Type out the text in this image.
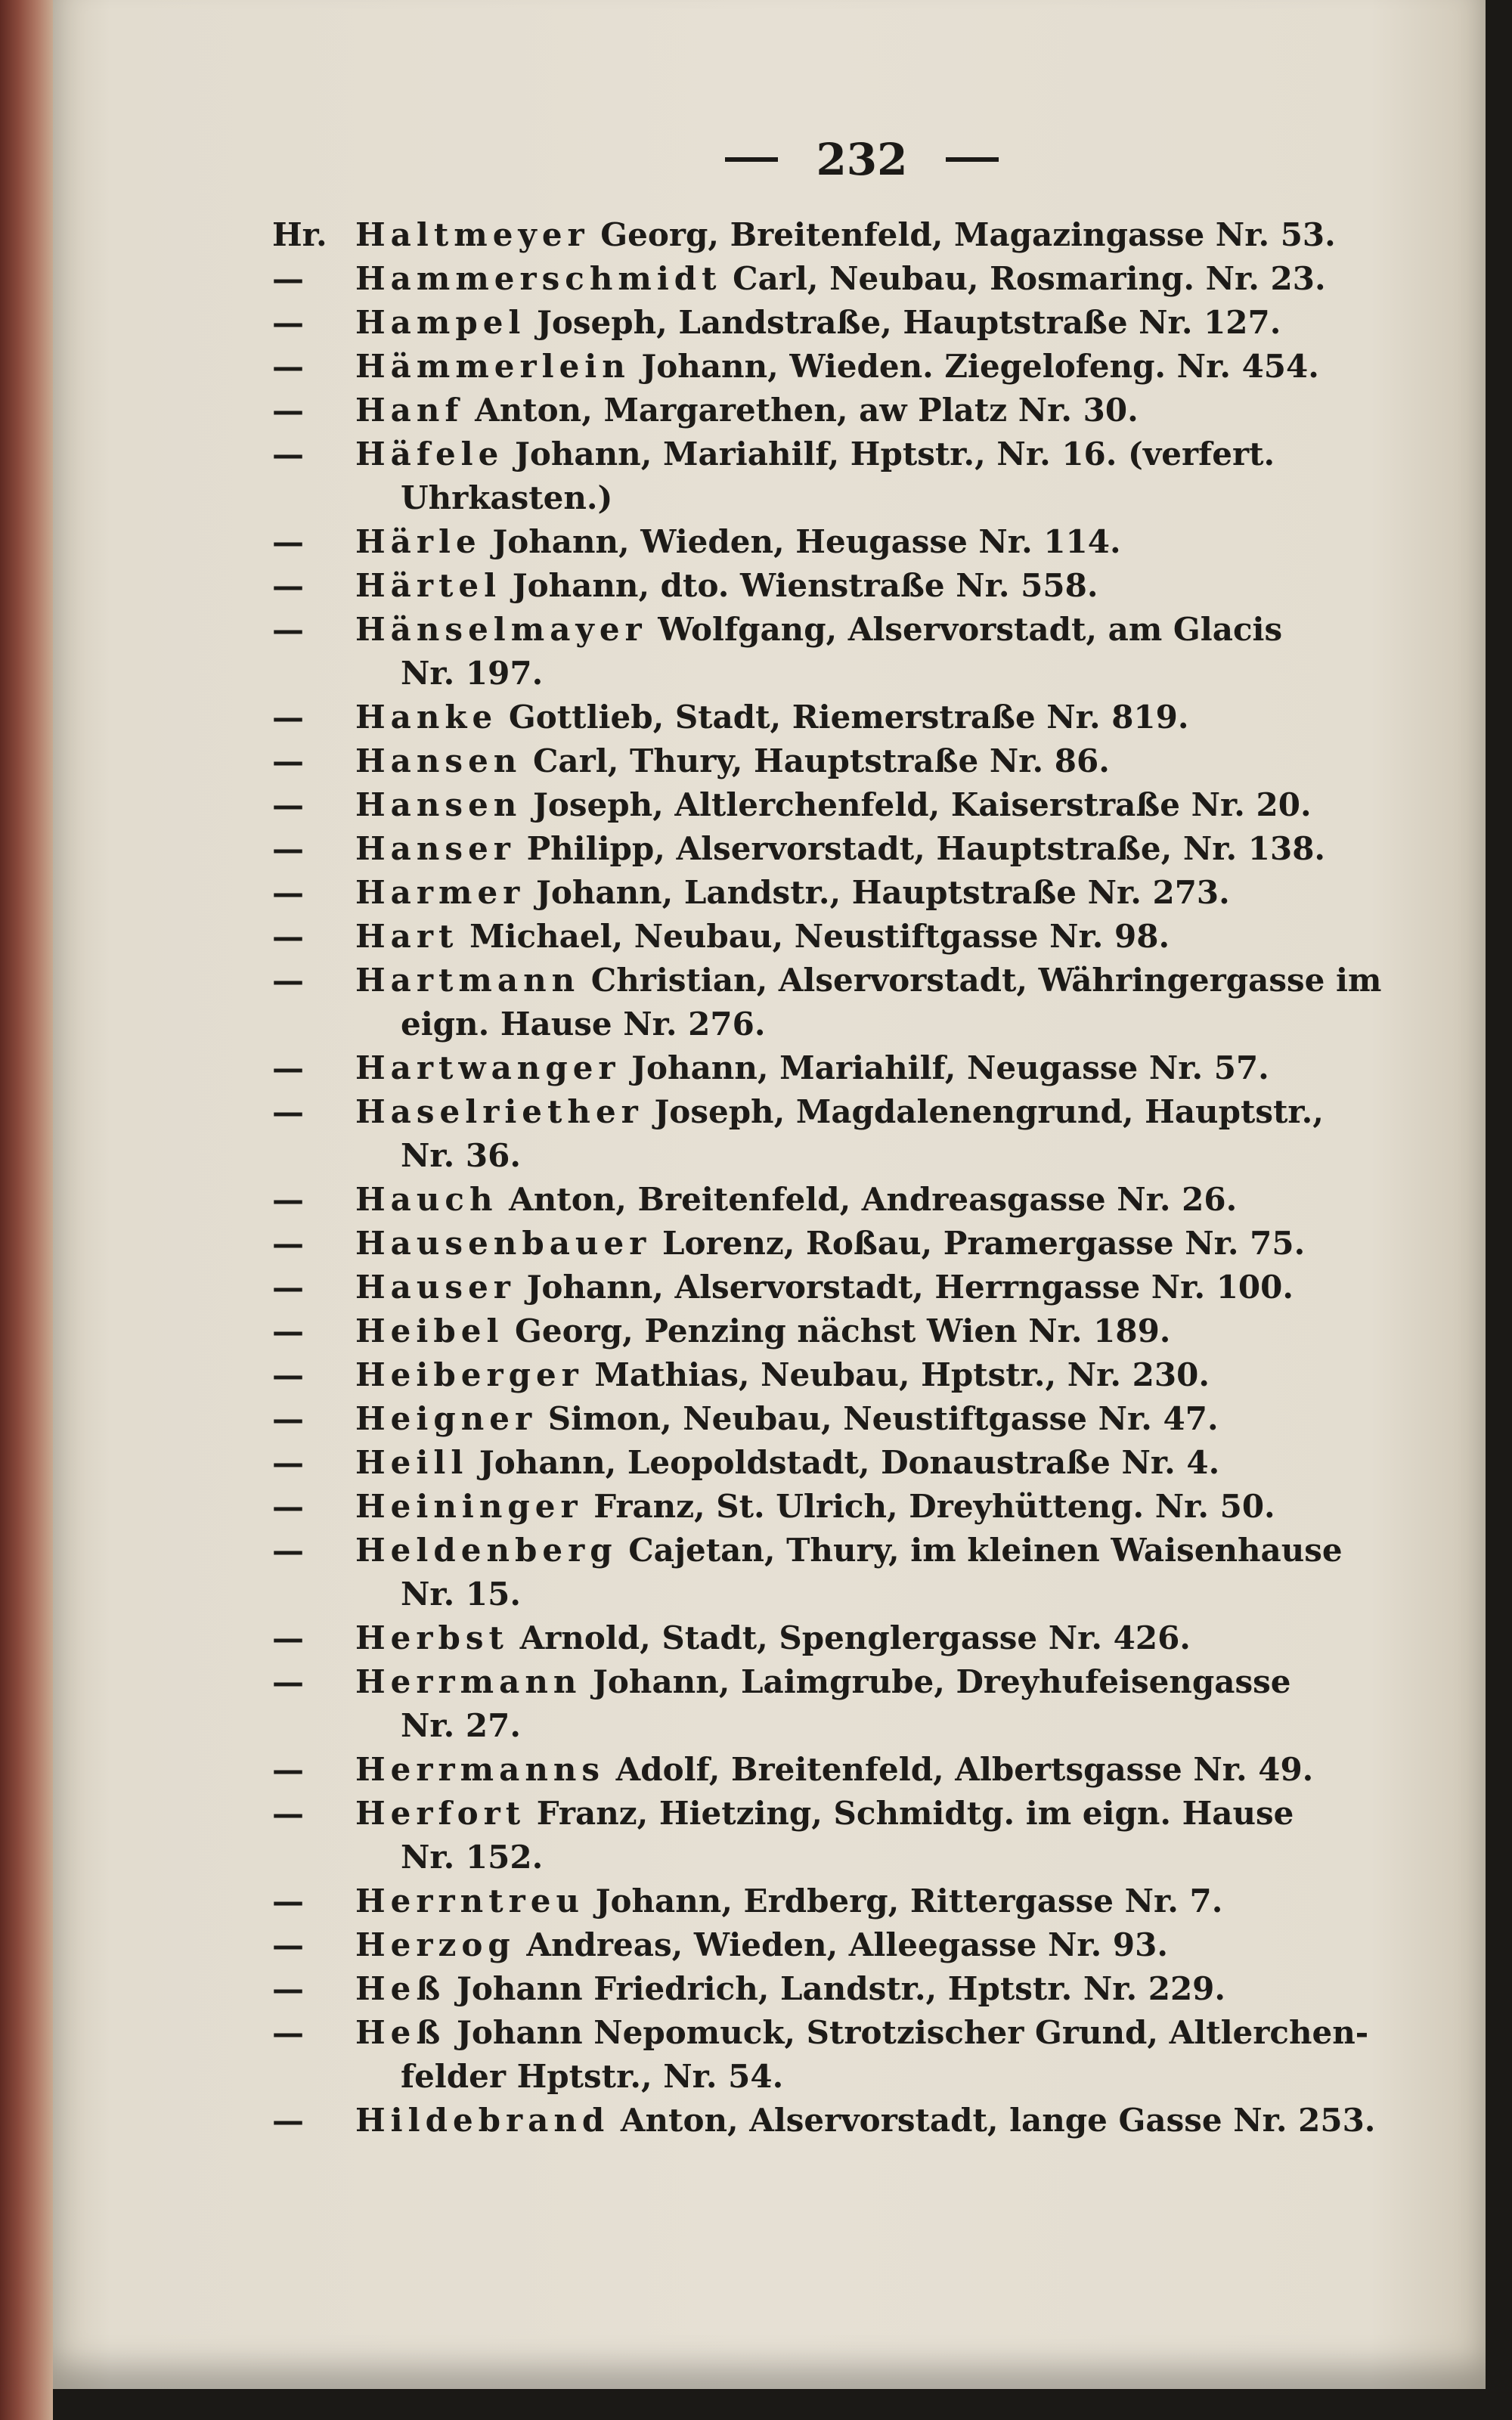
232
Hr. Haltmeyer Georg, Breitenfeld, Magazingasse Nr. 53.
—	Hammerschmidt Carl, Neubau, Rosmaring. Nr. 23.
—	Hampel Joseph, Landstraße, Hauptstraße Nr. 127.
—	Hämmerlein Johann, Wieden. Ziegelofeng. Nr. 454.
—	Hanf Anton, Margarethen, aw Platz Nr. 30.
—	Häfele Johann, Mariahilf, Hptstr., Nr. 16. (verfert.
Uhrkasten.)
—	Härle Johann, Wieden, Heugasse Nr. 114.
—	Härtel Johann, dto. Wienstraße Nr. 558.
—	Hänselmayer Wolfgang, Alservorstadt, am Glacis
Nr. 197.
—	Hanke Gottlieb, Stadt, Riemerstraße Nr. 819.
—	Hansen Carl, Thury, Hauptstraße Nr. 86.
—	Hansen Joseph, Altlerchenfeld, Kaiserstraße Nr. 20.
—	Hanser Philipp, Alservorstadt, Hauptstraße, Nr. 138.
—	Harmer Johann, Landstr., Hauptstraße Nr. 273.
—	Hart Michael, Neubau, Neustiftgasse Nr. 98.
—	Hartmann Christian, Alservorstadt, Währingergasse im
eign. Hause Nr. 276.
—	Hartwanger Johann, Mariahilf, Neugasse Nr. 57.
—	Haselriether Joseph, Magdalenengrund, Hauptstr.,
Nr. 36.
—	Hauch Anton, Breitenfeld, Andreasgasse Nr. 26.
—	Hausenbauer Lorenz, Roßau, Pramergasse Nr. 75.
—	Hauser Johann, Alservorstadt, Herrngasse Nr. 100.
—	Heibel Georg, Penzing nächst Wien Nr. 189.
—	Heiberger Mathias, Neubau, Hptstr., Nr. 230.
—	Heigner Simon, Neubau, Neustiftgasse Nr. 47.
—	Heill Johann, Leopoldstadt, Donaustraße Nr. 4.
—	Heininger Franz, St. Ulrich, Dreyhütteng. Nr. 50.
—	Heldenberg Cajetan, Thury, im kleinen Waisenhause
Nr. 15.
—	Herbst Arnold, Stadt, Spenglergasse Nr. 426.
—	Herrmann Johann, Laimgrube, Dreyhufeisengasse
Nr. 27.
—	Herrmanns Adolf, Breitenfeld, Albertsgasse Nr. 49.
—	Herfort Franz, Hietzing, Schmidtg. im eign. Hause
Nr. 152.
—	Herrntreu Johann, Erdberg, Rittergasse Nr. 7.
—	Herzog Andreas, Wieden, Alleegasse Nr. 93.
—	Heß Johann Friedrich, Landstr., Hptstr. Nr. 229.
—	Heß Johann Nepomuck, Strotzischer Grund, Altlerchen-
felder Hptstr., Nr. 54.
—	Hildebrand Anton, Alservorstadt, lange Gasse Nr. 253.
